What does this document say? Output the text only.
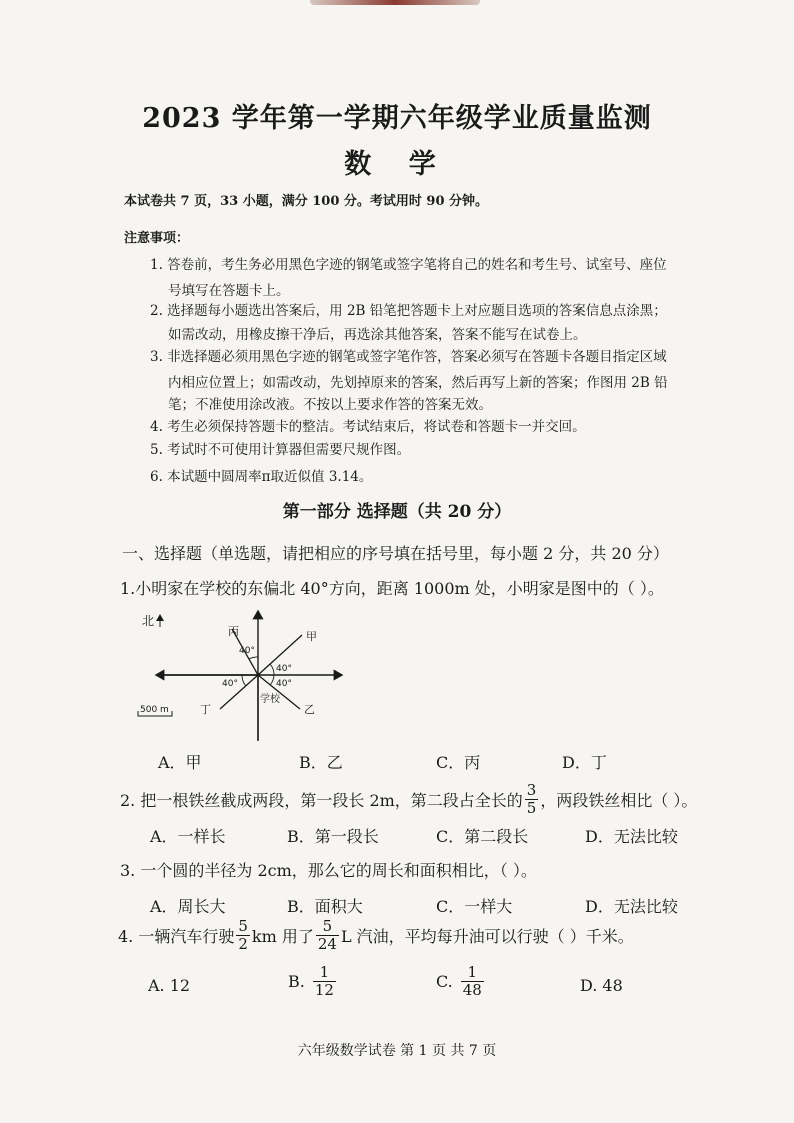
2023 学年第一学期六年级学业质量监测
数 学
本试卷共 7 页，33 小题，满分 100 分。考试用时 90 分钟。
注意事项：
1. 答卷前，考生务必用黑色字迹的钢笔或签字笔将自己的姓名和考生号、试室号、座位
号填写在答题卡上。
2. 选择题每小题选出答案后，用 2B 铅笔把答题卡上对应题目选项的答案信息点涂黑；
如需改动，用橡皮擦干净后，再选涂其他答案，答案不能写在试卷上。
3. 非选择题必须用黑色字迹的钢笔或签字笔作答，答案必须写在答题卡各题目指定区域
内相应位置上；如需改动，先划掉原来的答案，然后再写上新的答案；作图用 2B 铅
笔；不准使用涂改液。不按以上要求作答的答案无效。
4. 考生必须保持答题卡的整洁。考试结束后，将试卷和答题卡一并交回。
5. 考试时不可使用计算器但需要尺规作图。
6. 本试题中圆周率π取近似值 3.14。
第一部分 选择题（共 20 分）
一、选择题（单选题，请把相应的序号填在括号里，每小题 2 分，共 20 分）
1.小明家在学校的东偏北 40°方向，距离 1000m 处，小明家是图中的（ ）。
北
丙	甲
乙
丁
学校
40°
40°
40°
40°
500 m
A．甲	B．乙	C．丙	D．丁
2. 把一根铁丝截成两段，第一段长 2m，第二段占全长的 $\frac{3}{5}$ ，两段铁丝相比（ ）。
A．一样长	B．第一段长	C．第二段长	D．无法比较
3. 一个圆的半径为 2cm，那么它的周长和面积相比，（ ）。
A．周长大	B．面积大	C．一样大	D．无法比较
4. 一辆汽车行驶 $\frac{5}{2}$ km 用了 $\frac{5}{24}$ L 汽油，平均每升油可以行驶（ ）千米。
A. 12	B. $\frac{1}{12}$	C. $\frac{1}{48}$	D. 48
六年级数学试卷 第 1 页 共 7 页
